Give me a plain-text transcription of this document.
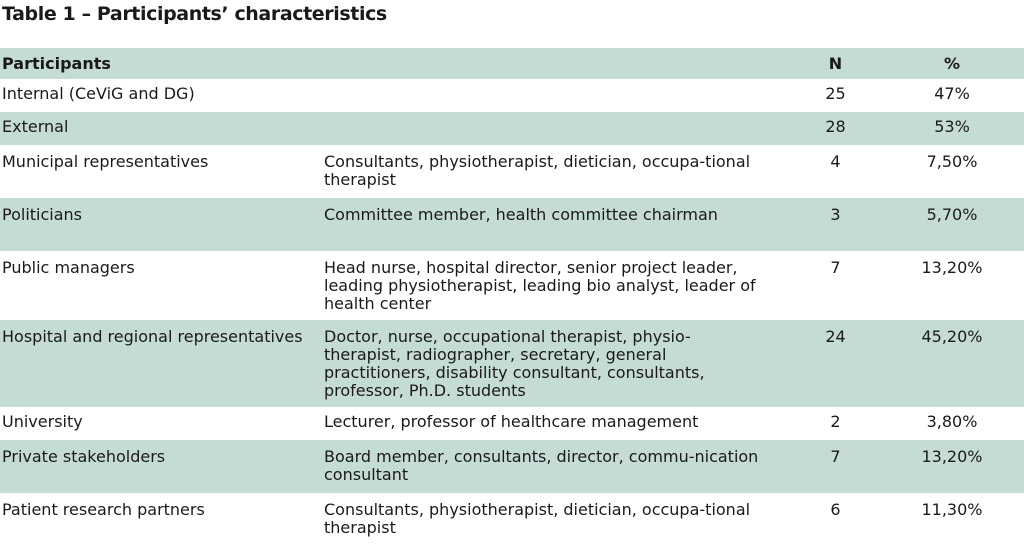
Table 1 – Participants’ characteristics
Participants		N	%
Internal (CeViG and DG)		25	47%
External		28	53%
Municipal representatives	Consultants, physiotherapist, dietician, occupa-tional therapist	4	7,50%
Politicians	Committee member, health committee chairman	3	5,70%
Public managers	Head nurse, hospital director, senior project leader, leading physiotherapist, leading bio analyst, leader of health center	7	13,20%
Hospital and regional representatives	Doctor, nurse, occupational therapist, physio-therapist, radiographer, secretary, general practitioners, disability consultant, consultants, professor, Ph.D. students	24	45,20%
University	Lecturer, professor of healthcare management	2	3,80%
Private stakeholders	Board member, consultants, director, commu-nication consultant	7	13,20%
Patient research partners	Consultants, physiotherapist, dietician, occupa-tional therapist	6	11,30%
